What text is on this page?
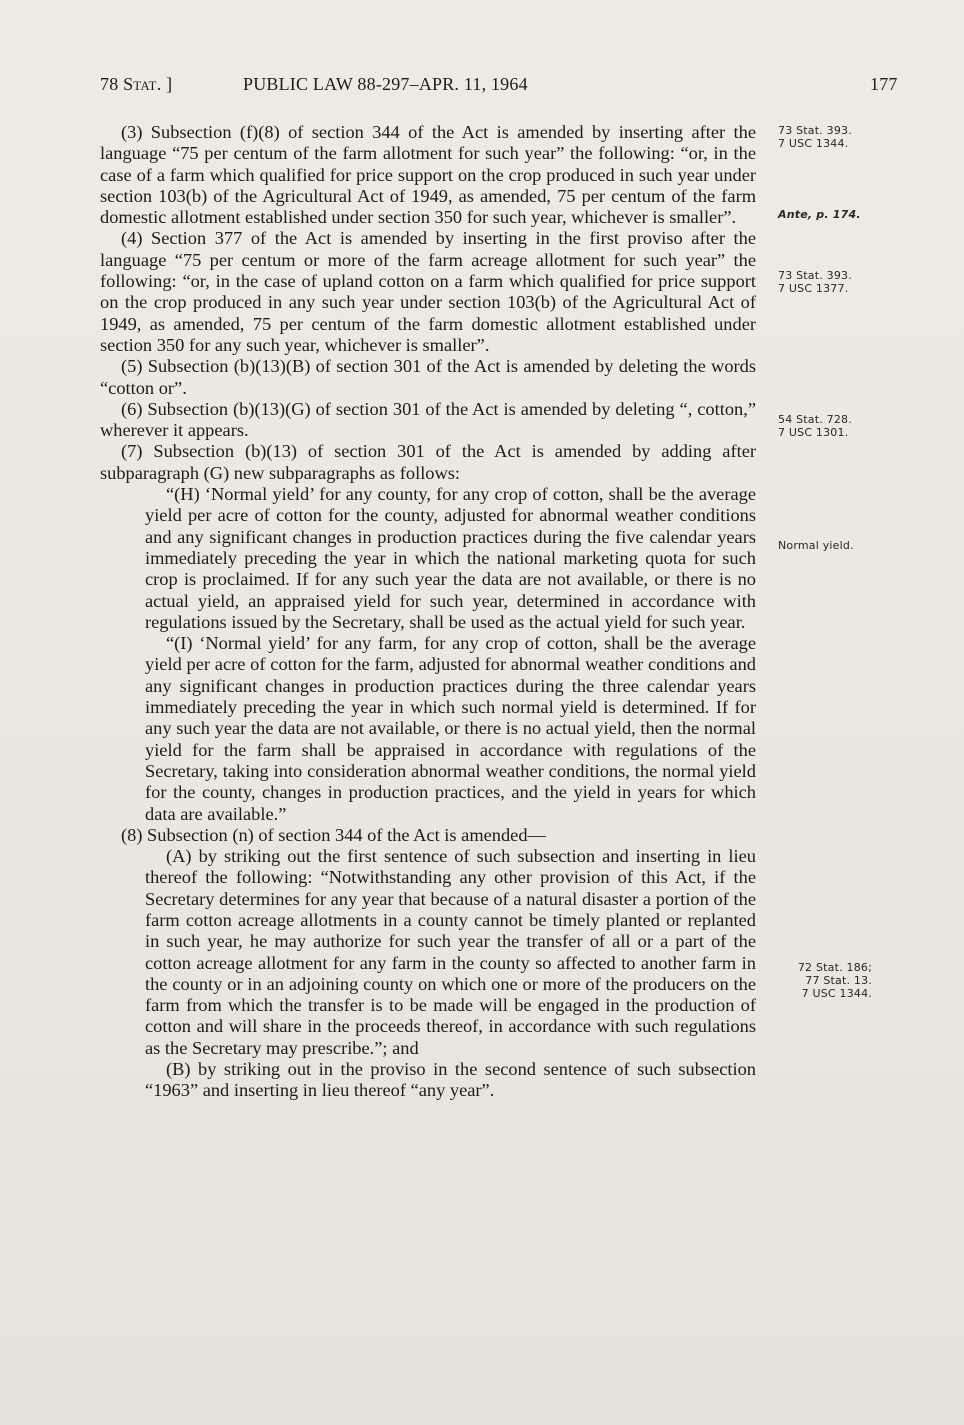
78 Stat. ]	PUBLIC LAW 88-297–APR. 11, 1964	177

(3) Subsection (f)(8) of section 344 of the Act is amended by inserting after the language “75 per centum of the farm allotment for such year” the following: “or, in the case of a farm which qualified for price support on the crop produced in such year under section 103(b) of the Agricultural Act of 1949, as amended, 75 per centum of the farm domestic allotment established under section 350 for such year, whichever is smaller”.

(4) Section 377 of the Act is amended by inserting in the first proviso after the language “75 per centum or more of the farm acreage allotment for such year” the following: “or, in the case of upland cotton on a farm which qualified for price support on the crop produced in any such year under section 103(b) of the Agricultural Act of 1949, as amended, 75 per centum of the farm domestic allotment established under section 350 for any such year, whichever is smaller”.

(5) Subsection (b)(13)(B) of section 301 of the Act is amended by deleting the words “cotton or”.

(6) Subsection (b)(13)(G) of section 301 of the Act is amended by deleting “, cotton,” wherever it appears.

(7) Subsection (b)(13) of section 301 of the Act is amended by adding after subparagraph (G) new subparagraphs as follows:

“(H) ‘Normal yield’ for any county, for any crop of cotton, shall be the average yield per acre of cotton for the county, adjusted for abnormal weather conditions and any significant changes in production practices during the five calendar years immediately preceding the year in which the national marketing quota for such crop is proclaimed. If for any such year the data are not available, or there is no actual yield, an appraised yield for such year, determined in accordance with regulations issued by the Secretary, shall be used as the actual yield for such year.

“(I) ‘Normal yield’ for any farm, for any crop of cotton, shall be the average yield per acre of cotton for the farm, adjusted for abnormal weather conditions and any significant changes in production practices during the three calendar years immediately preceding the year in which such normal yield is determined. If for any such year the data are not available, or there is no actual yield, then the normal yield for the farm shall be appraised in accordance with regulations of the Secretary, taking into consideration abnormal weather conditions, the normal yield for the county, changes in production practices, and the yield in years for which data are available.”

(8) Subsection (n) of section 344 of the Act is amended—

(A) by striking out the first sentence of such subsection and inserting in lieu thereof the following: “Notwithstanding any other provision of this Act, if the Secretary determines for any year that because of a natural disaster a portion of the farm cotton acreage allotments in a county cannot be timely planted or replanted in such year, he may authorize for such year the transfer of all or a part of the cotton acreage allotment for any farm in the county so affected to another farm in the county or in an adjoining county on which one or more of the producers on the farm from which the transfer is to be made will be engaged in the production of cotton and will share in the proceeds thereof, in accordance with such regulations as the Secretary may prescribe.”; and

(B) by striking out in the proviso in the second sentence of such subsection “1963” and inserting in lieu thereof “any year”.

73 Stat. 393.
7 USC 1344.
Ante, p. 174.
73 Stat. 393.
7 USC 1377.
54 Stat. 728.
7 USC 1301.
Normal yield.
72 Stat. 186;
77 Stat. 13.
7 USC 1344.
